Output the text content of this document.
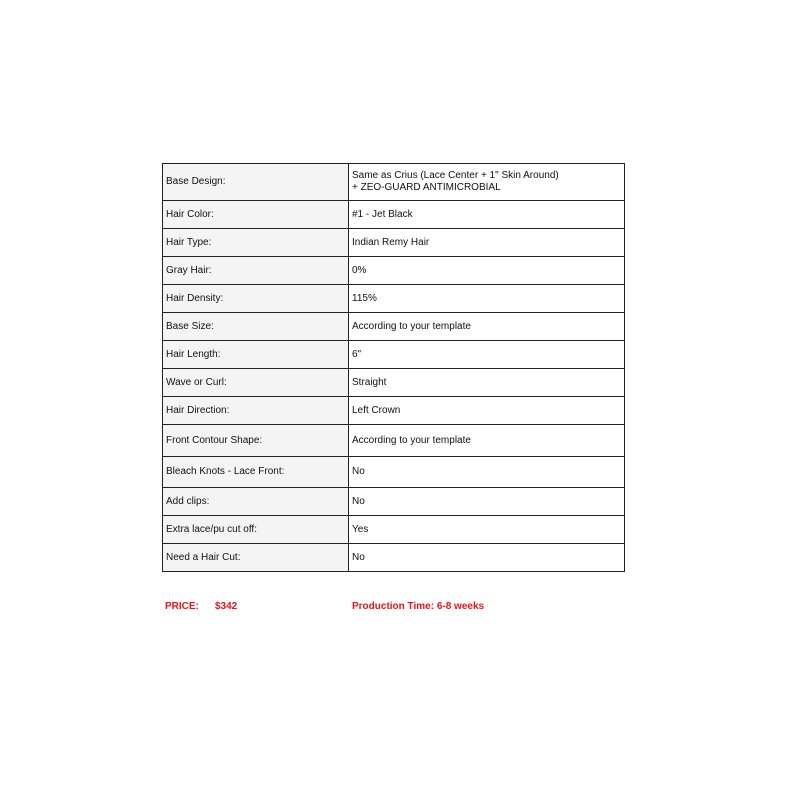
Base Design:	Same as Crius (Lace Center + 1" Skin Around)
+ ZEO-GUARD ANTIMICROBIAL

Hair Color:	#1 - Jet Black

Hair Type:	Indian Remy Hair

Gray Hair:	0%

Hair Density:	115%

Base Size:	According to your template

Hair Length:	6"

Wave or Curl:	Straight

Hair Direction:	Left Crown

Front Contour Shape:	According to your template

Bleach Knots - Lace Front:	No

Add clips:	No

Extra lace/pu cut off:	Yes

Need a Hair Cut:	No
PRICE: $342	Production Time: 6-8 weeks
